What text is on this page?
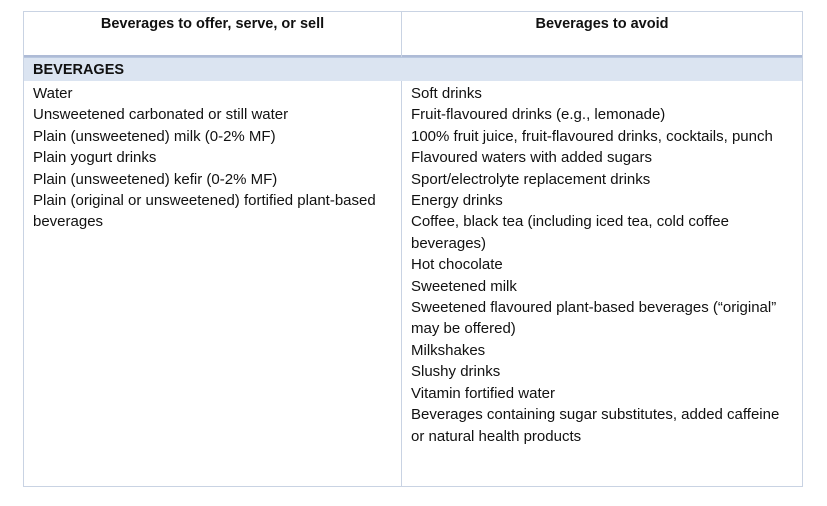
Beverages to offer, serve, or sell	Beverages to avoid
BEVERAGES
Water
Unsweetened carbonated or still water
Plain (unsweetened) milk (0-2% MF)
Plain yogurt drinks
Plain (unsweetened) kefir (0-2% MF)
Plain (original or unsweetened) fortified plant-based beverages
Soft drinks
Fruit-flavoured drinks (e.g., lemonade)
100% fruit juice, fruit-flavoured drinks, cocktails, punch
Flavoured waters with added sugars
Sport/electrolyte replacement drinks
Energy drinks
Coffee, black tea (including iced tea, cold coffee beverages)
Hot chocolate
Sweetened milk
Sweetened flavoured plant-based beverages (“original” may be offered)
Milkshakes
Slushy drinks
Vitamin fortified water
Beverages containing sugar substitutes, added caffeine or natural health products
